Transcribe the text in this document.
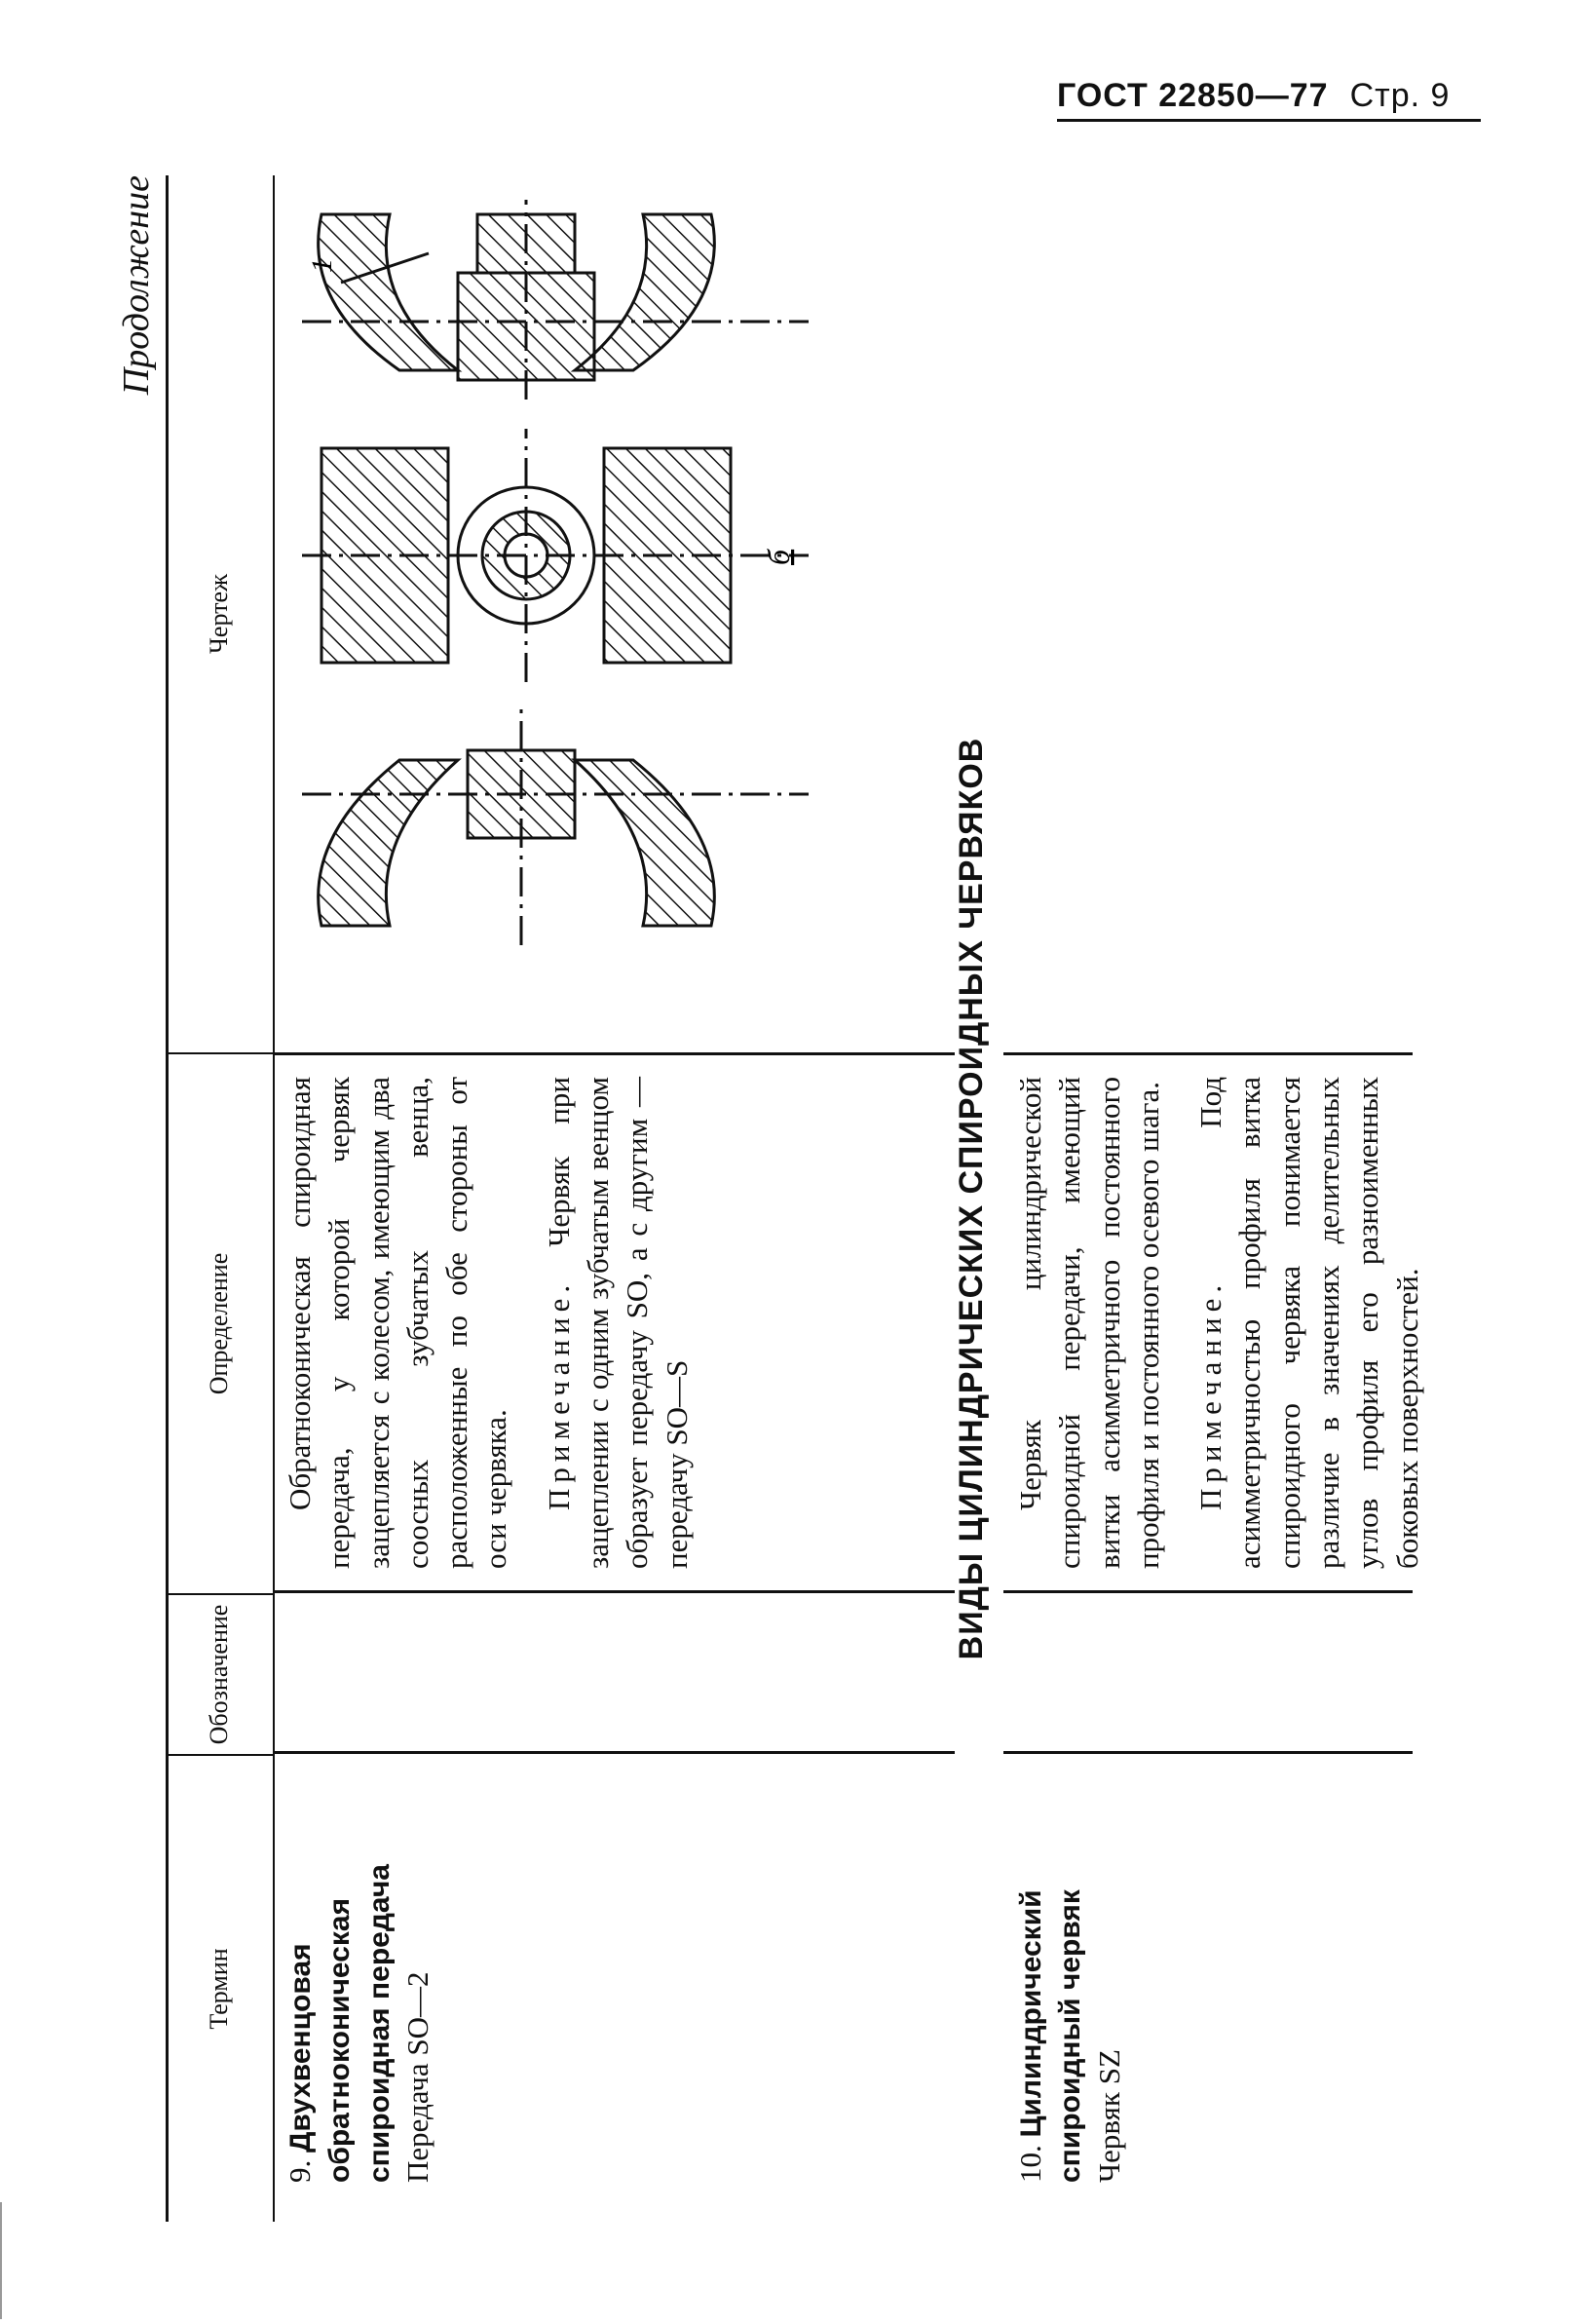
ГОСТ 22850—77 Стр. 9
Продолжение
Термин
Обозначение
Определение
Чертеж
9. Двухвенцовая обратноконическая спироидная передача Передача SO—2

Обратноконическая спироидная передача, у которой червяк зацепляется с колесом, имеющим два соосных зубчатых венца, расположенные по обе стороны от оси червяка. Примечание. Червяк при зацеплении с одним зубчатым венцом образует передачу SO, а с другим — передачу SO—S

1
б
ВИДЫ ЦИЛИНДРИЧЕСКИХ СПИРОИДНЫХ ЧЕРВЯКОВ
10. Цилиндрический спироидный червяк Червяк SZ

Червяк цилиндрической спироидной передачи, имеющий витки асимметричного постоянного профиля и постоянного осевого шага. Примечание. Под асимметричностью профиля витка спироидного червяка понимается различие в значениях делительных углов профиля его разноименных боковых поверхностей.
